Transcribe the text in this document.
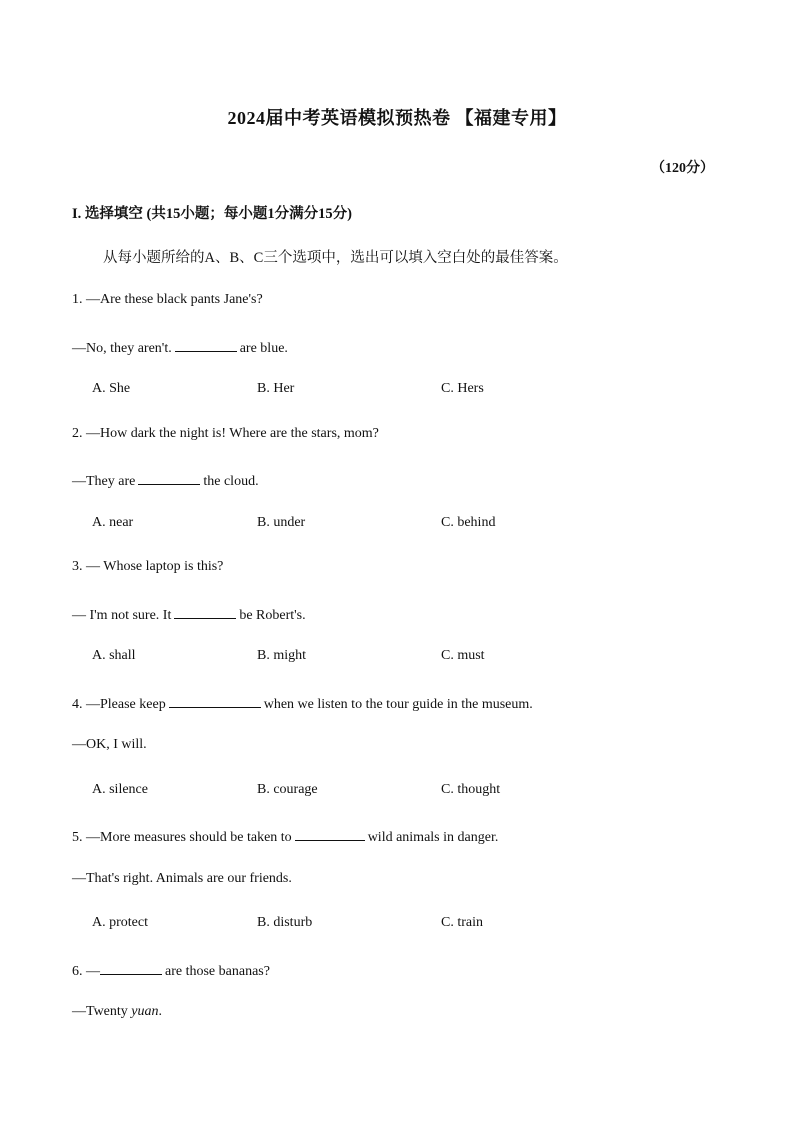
2024届中考英语模拟预热卷 【福建专用】
（120分）
I. 选择填空 (共15小题；每小题1分满分15分)
从每小题所给的A、B、C三个选项中，选出可以填入空白处的最佳答案。
1. —Are these black pants Jane's?
—No, they aren't.	are blue.
A. She	B. Her	C. Hers
2. —How dark the night is! Where are the stars, mom?
—They are	the cloud.
A. near	B. under	C. behind
3. — Whose laptop is this?
— I'm not sure. It	be Robert's.
A. shall	B. might	C. must
4. —Please keep	when we listen to the tour guide in the museum.
—OK, I will.
A. silence	B. courage	C. thought
5. —More measures should be taken to	wild animals in danger.
—That's right. Animals are our friends.
A. protect	B. disturb	C. train
6. —	are those bananas?
—Twenty yuan.
